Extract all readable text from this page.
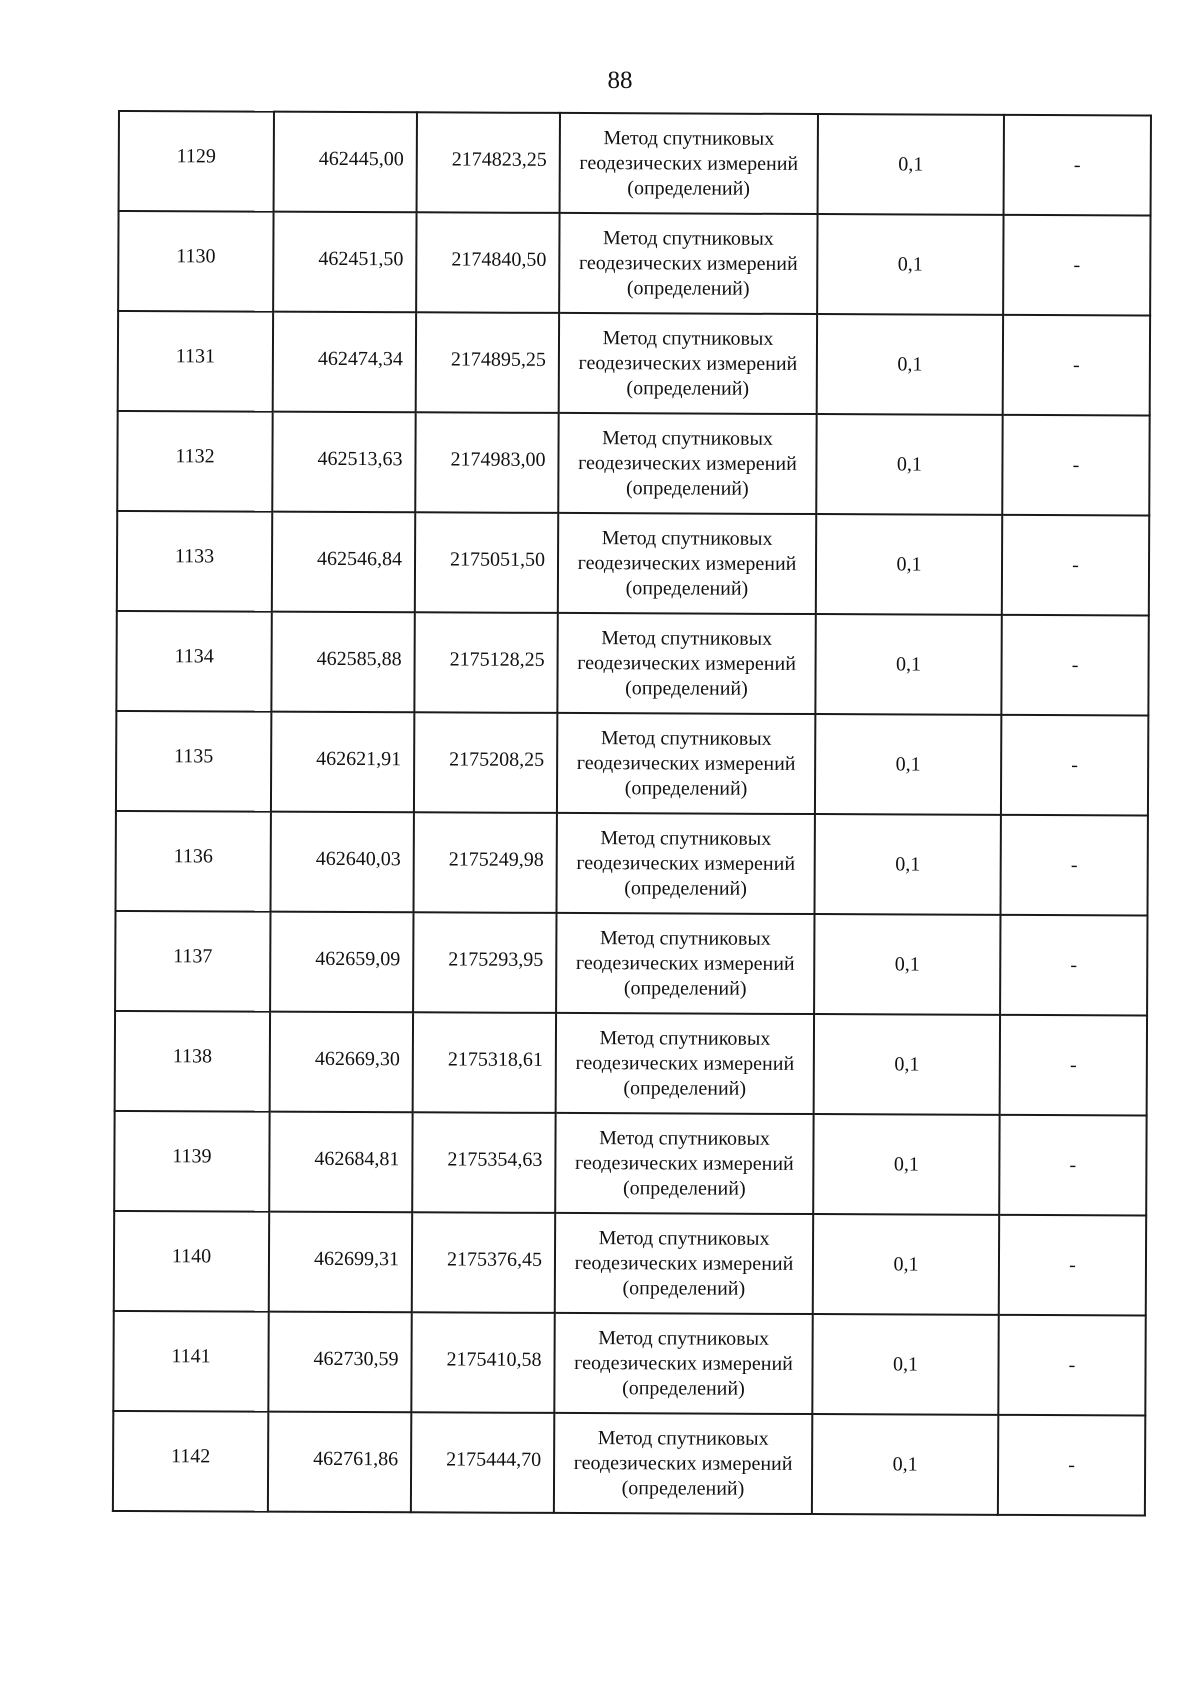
88
1129	462445,00	2174823,25	Метод спутниковых
геодезических измерений
(определений)	0,1	-

1130	462451,50	2174840,50	Метод спутниковых
геодезических измерений
(определений)	0,1	-

1131	462474,34	2174895,25	Метод спутниковых
геодезических измерений
(определений)	0,1	-

1132	462513,63	2174983,00	Метод спутниковых
геодезических измерений
(определений)	0,1	-

1133	462546,84	2175051,50	Метод спутниковых
геодезических измерений
(определений)	0,1	-

1134	462585,88	2175128,25	Метод спутниковых
геодезических измерений
(определений)	0,1	-

1135	462621,91	2175208,25	Метод спутниковых
геодезических измерений
(определений)	0,1	-

1136	462640,03	2175249,98	Метод спутниковых
геодезических измерений
(определений)	0,1	-

1137	462659,09	2175293,95	Метод спутниковых
геодезических измерений
(определений)	0,1	-

1138	462669,30	2175318,61	Метод спутниковых
геодезических измерений
(определений)	0,1	-

1139	462684,81	2175354,63	Метод спутниковых
геодезических измерений
(определений)	0,1	-

1140	462699,31	2175376,45	Метод спутниковых
геодезических измерений
(определений)	0,1	-

1141	462730,59	2175410,58	Метод спутниковых
геодезических измерений
(определений)	0,1	-

1142	462761,86	2175444,70	Метод спутниковых
геодезических измерений
(определений)	0,1	-
